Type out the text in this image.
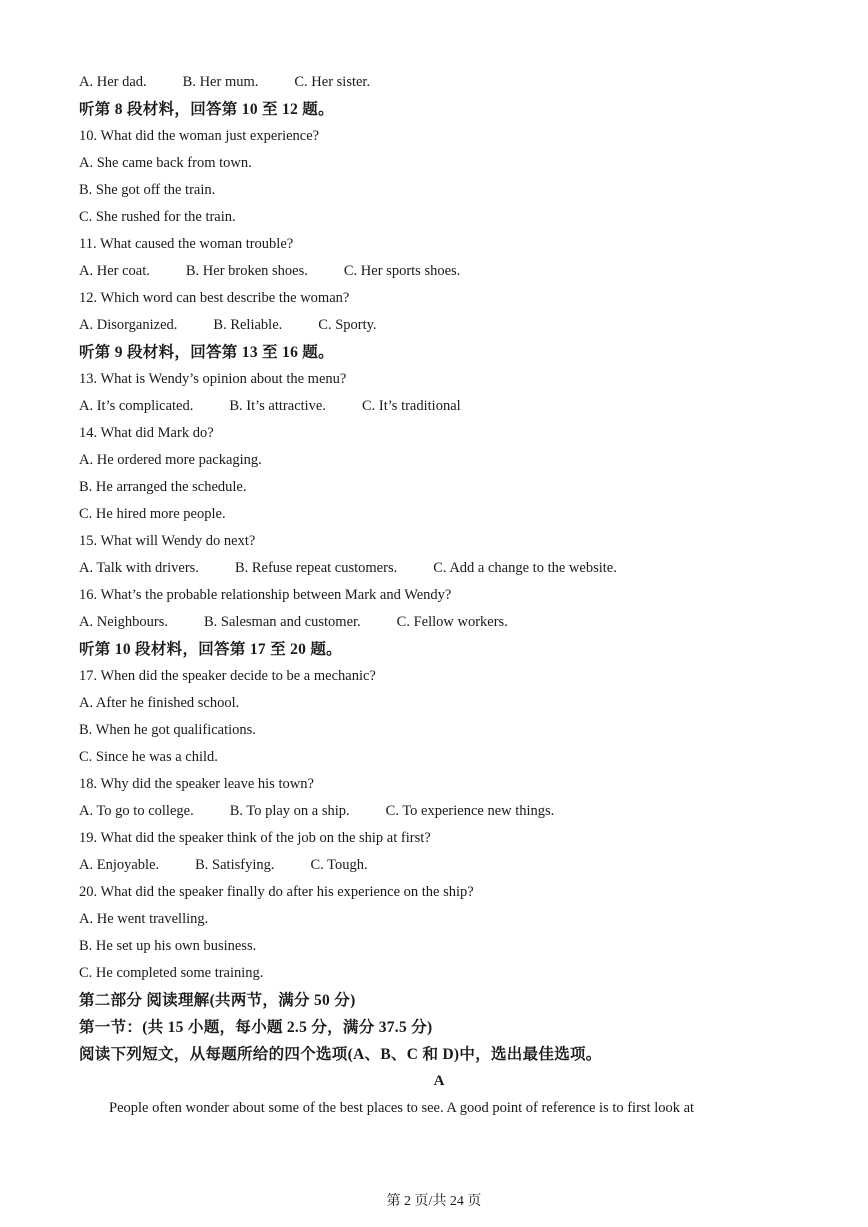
A. Her dad. B. Her mum. C. Her sister.
听第 8 段材料，回答第 10 至 12 题。
10. What did the woman just experience?
A. She came back from town.
B. She got off the train.
C. She rushed for the train.
11. What caused the woman trouble?
A. Her coat. B. Her broken shoes. C. Her sports shoes.
12. Which word can best describe the woman?
A. Disorganized. B. Reliable. C. Sporty.
听第 9 段材料，回答第 13 至 16 题。
13. What is Wendy’s opinion about the menu?
A. It’s complicated. B. It’s attractive. C. It’s traditional
14. What did Mark do?
A. He ordered more packaging.
B. He arranged the schedule.
C. He hired more people.
15. What will Wendy do next?
A. Talk with drivers. B. Refuse repeat customers. C. Add a change to the website.
16. What’s the probable relationship between Mark and Wendy?
A. Neighbours. B. Salesman and customer. C. Fellow workers.
听第 10 段材料，回答第 17 至 20 题。
17. When did the speaker decide to be a mechanic?
A. After he finished school.
B. When he got qualifications.
C. Since he was a child.
18. Why did the speaker leave his town?
A. To go to college. B. To play on a ship. C. To experience new things.
19. What did the speaker think of the job on the ship at first?
A. Enjoyable. B. Satisfying. C. Tough.
20. What did the speaker finally do after his experience on the ship?
A. He went travelling.
B. He set up his own business.
C. He completed some training.
第二部分 阅读理解(共两节，满分 50 分)
第一节：(共 15 小题，每小题 2.5 分，满分 37.5 分)
阅读下列短文，从每题所给的四个选项(A、B、C 和 D)中，选出最佳选项。
A
People often wonder about some of the best places to see. A good point of reference is to first look at
第 2 页/共 24 页
